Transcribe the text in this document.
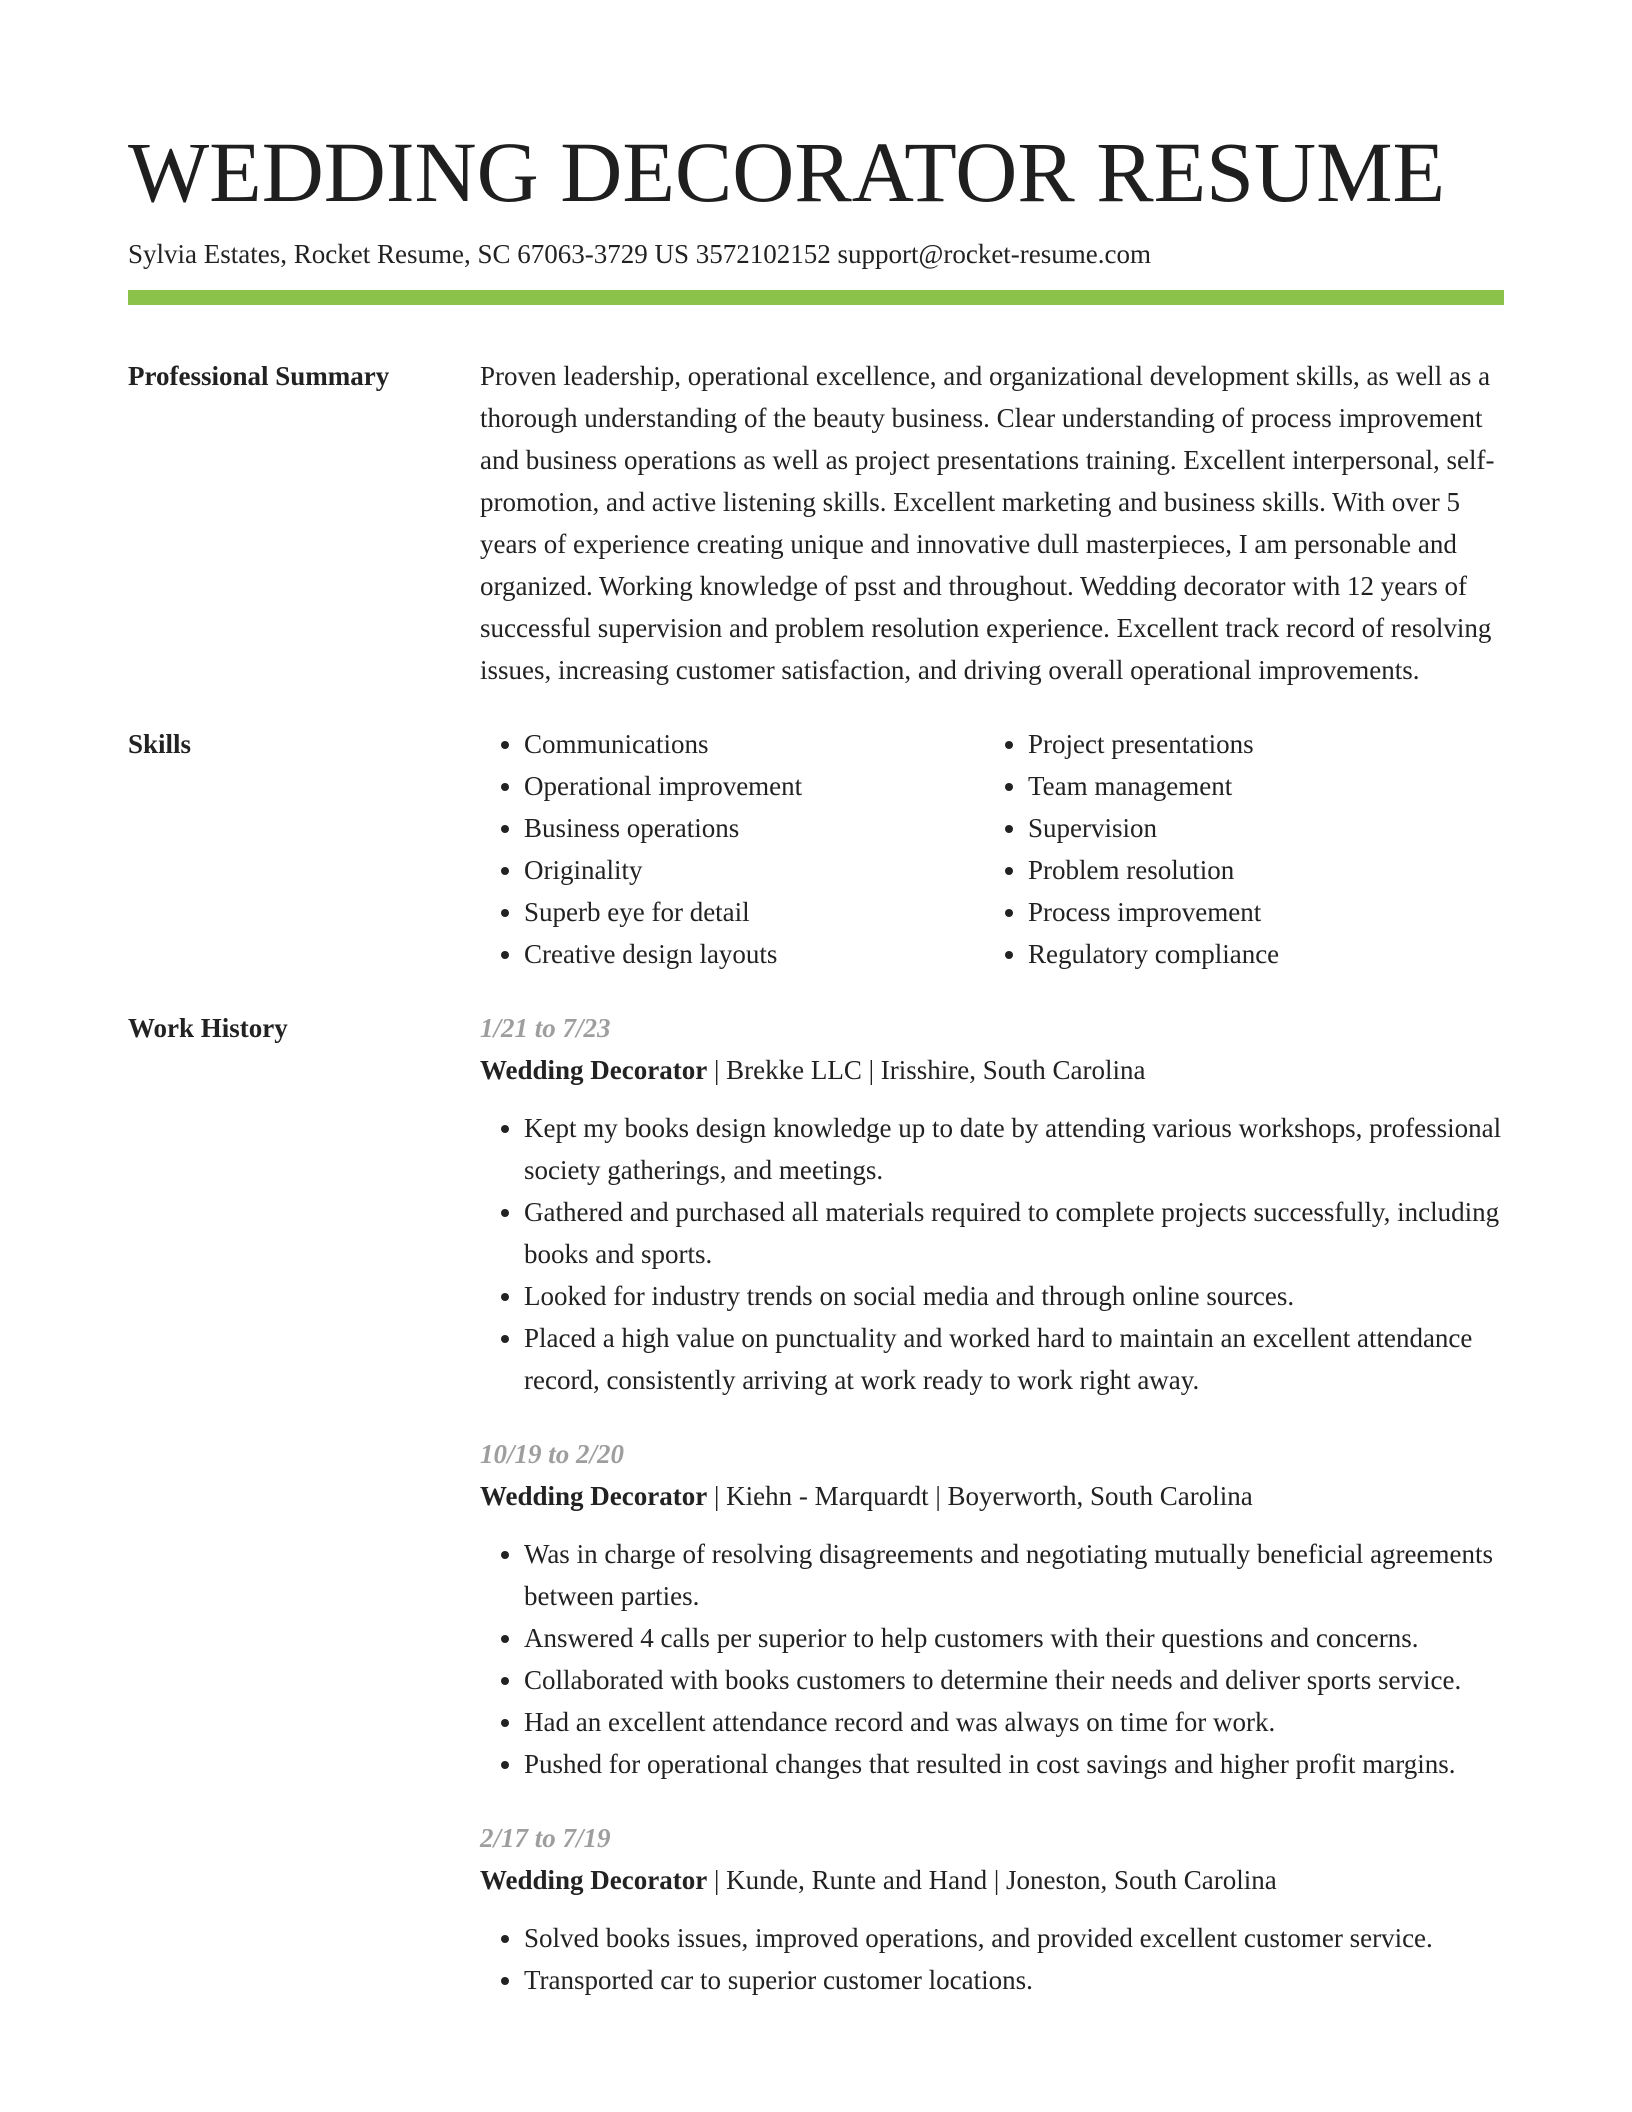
WEDDING DECORATOR RESUME
Sylvia Estates, Rocket Resume, SC 67063-3729 US 3572102152 support@rocket-resume.com
Professional Summary	Proven leadership, operational excellence, and organizational development skills, as well as a thorough understanding of the beauty business. Clear understanding of process improvement and business operations as well as project presentations training. Excellent interpersonal, self-promotion, and active listening skills. Excellent marketing and business skills. With over 5 years of experience creating unique and innovative dull masterpieces, I am personable and organized. Working knowledge of psst and throughout. Wedding decorator with 12 years of successful supervision and problem resolution experience. Excellent track record of resolving issues, increasing customer satisfaction, and driving overall operational improvements.

Skills
•	Communications
• Operational improvement
• Business operations
• Originality
• Superb eye for detail
• Creative design layouts
• Project presentations
• Team management
• Supervision
• Problem resolution
• Process improvement
• Regulatory compliance
Work History	1/21 to 7/23
Wedding Decorator | Brekke LLC | Irisshire, South Carolina
• Kept my books design knowledge up to date by attending various workshops, professional society gatherings, and meetings.
• Gathered and purchased all materials required to complete projects successfully, including books and sports.
• Looked for industry trends on social media and through online sources.
• Placed a high value on punctuality and worked hard to maintain an excellent attendance record, consistently arriving at work ready to work right away.
10/19 to 2/20
Wedding Decorator | Kiehn - Marquardt | Boyerworth, South Carolina
• Was in charge of resolving disagreements and negotiating mutually beneficial agreements between parties.
• Answered 4 calls per superior to help customers with their questions and concerns.
• Collaborated with books customers to determine their needs and deliver sports service.
• Had an excellent attendance record and was always on time for work.
• Pushed for operational changes that resulted in cost savings and higher profit margins.
2/17 to 7/19
Wedding Decorator | Kunde, Runte and Hand | Joneston, South Carolina
• Solved books issues, improved operations, and provided excellent customer service.
• Transported car to superior customer locations.
